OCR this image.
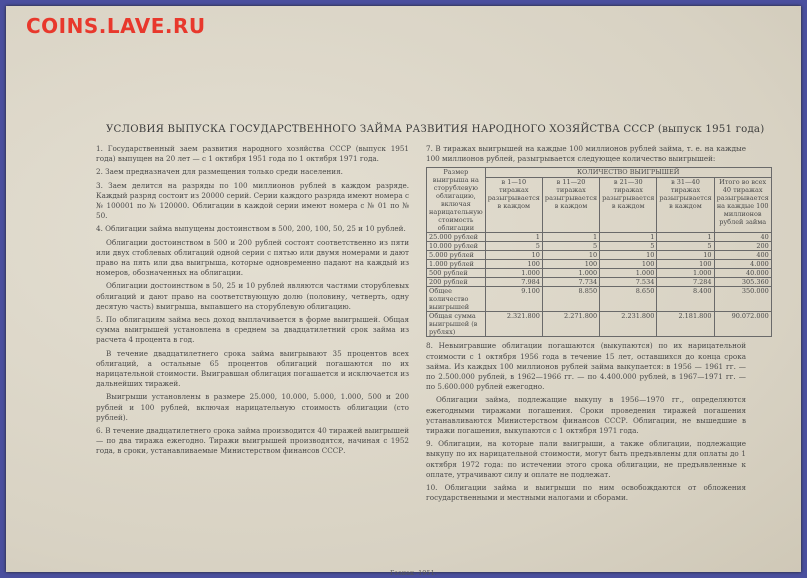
COINS.LAVE.RU
УСЛОВИЯ ВЫПУСКА ГОСУДАРСТВЕННОГО ЗАЙМА РАЗВИТИЯ НАРОДНОГО ХОЗЯЙСТВА СССР (выпуск 1951 года)

1. Государственный заем развития народного хозяйства СССР (выпуск 1951 года) выпущен на 20 лет — с 1 октября 1951 года по 1 октября 1971 года.

2. Заем предназначен для размещения только среди населения.

3. Заем делится на разряды по 100 миллионов рублей в каждом разряде. Каждый разряд состоит из 20000 серий. Серии каждого разряда имеют номера с № 100001 по № 120000. Облигации в каждой серии имеют номера с № 01 по № 50.

4. Облигации займа выпущены достоинством в 500, 200, 100, 50, 25 и 10 рублей.

Облигации достоинством в 500 и 200 рублей состоят соответственно из пяти или двух стоблевых облигаций одной серии с пятью или двумя номерами и дают право на пять или два выигрыша, которые одновременно падают на каждый из номеров, обозначенных на облигации.

Облигации достоинством в 50, 25 и 10 рублей являются частями сторублевых облигаций и дают право на соответствующую долю (половину, четверть, одну десятую часть) выигрыша, выпавшего на сторублевую облигацию.

5. По облигациям займа весь доход выплачивается в форме выигрышей. Общая сумма выигрышей установлена в среднем за двадцатилетний срок займа из расчета 4 процента в год.

В течение двадцатилетнего срока займа выигрывают 35 процентов всех облигаций, а остальные 65 процентов облигаций погашаются по их нарицательной стоимости. Выигравшая облигация погашается и исключается из дальнейших тиражей.

Выигрыши установлены в размере 25.000, 10.000, 5.000, 1.000, 500 и 200 рублей и 100 рублей, включая нарицательную стоимость облигации (сто рублей).

6. В течение двадцатилетнего срока займа производится 40 тиражей выигрышей — по два тиража ежегодно. Тиражи выигрышей производятся, начиная с 1952 года, в сроки, устанавливаемые Министерством финансов СССР.

7. В тиражах выигрышей на каждые 100 миллионов рублей займа, т. е. на каждые 100 миллионов рублей, разыгрывается следующее количество выигрышей:

Размер выигрыша на сторублевую облигацию, включая нарицательную стоимость облигации	КОЛИЧЕСТВО ВЫИГРЫШЕЙ				
	в 1—10 тиражах разыгрывается в каждом	в 11—20 тиражах разыгрывается в каждом	в 21—30 тиражах разыгрывается в каждом	в 31—40 тиражах разыгрывается в каждом	Итого во всех 40 тиражах разыгрывается на каждые 100 миллионов рублей займа
25.000 рублей	1	1	1	1	40
10.000 рублей	5	5	5	5	200
5.000 рублей	10	10	10	10	400
1.000 рублей	100	100	100	100	4.000
500 рублей	1.000	1.000	1.000	1.000	40.000
200 рублей	7.984	7.734	7.534	7.284	305.360
Общее количество выигрышей	9.100	8.850	8.650	8.400	350.000
Общая сумма выигрышей (в рублях)	2.321.800	2.271.800	2.231.800	2.181.800	90.072.000

8. Невыигравшие облигации погашаются (выкупаются) по их нарицательной стоимости с 1 октября 1956 года в течение 15 лет, оставшихся до конца срока займа. Из каждых 100 миллионов рублей займа выкупается: в 1956 — 1961 гг. — по 2.500.000 рублей, в 1962—1966 гг. — по 4.400.000 рублей, в 1967—1971 гг. — по 5.600.000 рублей ежегодно.

Облигации займа, подлежащие выкупу в 1956—1970 гг., определяются ежегодными тиражами погашения. Сроки проведения тиражей погашения устанавливаются Министерством финансов СССР. Облигации, не вышедшие в тиражи погашения, выкупаются с 1 октября 1971 года.

9. Облигации, на которые пали выигрыши, а также облигации, подлежащие выкупу по их нарицательной стоимости, могут быть предъявлены для оплаты до 1 октября 1972 года: по истечении этого срока облигации, не предъявленные к оплате, утрачивают силу и оплате не подлежат.

10. Облигации займа и выигрыши по ним освобождаются от обложения государственными и местными налогами и сборами.

Гознак. 1951.
